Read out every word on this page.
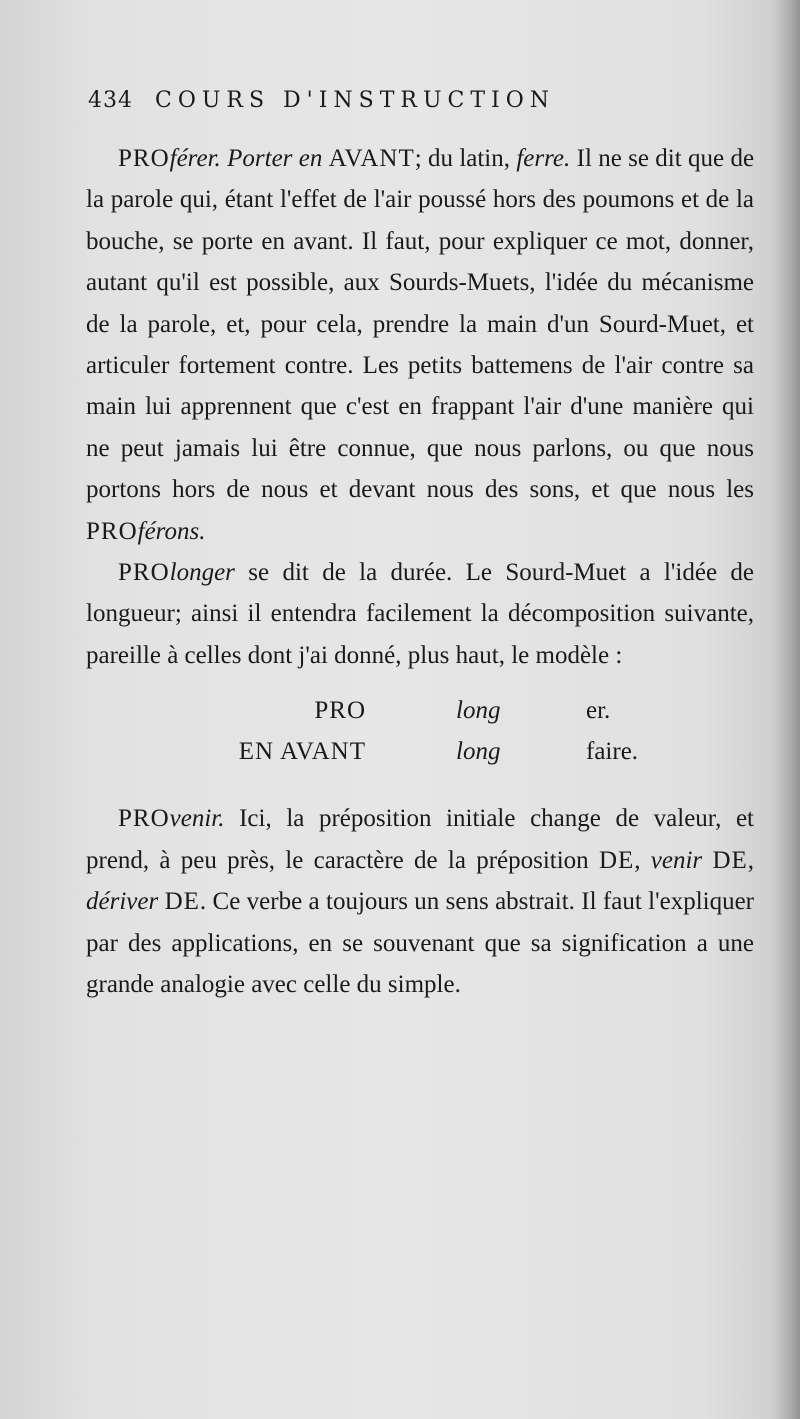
434 COURS D'INSTRUCTION

PROférer. Porter en AVANT; du latin, ferre. Il ne se dit que de la parole qui, étant l'effet de l'air poussé hors des poumons et de la bouche, se porte en avant. Il faut, pour expliquer ce mot, donner, autant qu'il est possible, aux Sourds-Muets, l'idée du mécanisme de la parole, et, pour cela, prendre la main d'un Sourd-Muet, et articuler fortement contre. Les petits battemens de l'air contre sa main lui apprennent que c'est en frappant l'air d'une manière qui ne peut jamais lui être connue, que nous parlons, ou que nous portons hors de nous et devant nous des sons, et que nous les PROférons.

PROlonger se dit de la durée. Le Sourd-Muet a l'idée de longueur; ainsi il entendra facilement la décomposition suivante, pareille à celles dont j'ai donné, plus haut, le modèle :

PRO	long	er.
EN AVANT	long	faire.

PROvenir. Ici, la préposition initiale change de valeur, et prend, à peu près, le caractère de la préposition DE, venir DE, dériver DE. Ce verbe a toujours un sens abstrait. Il faut l'expliquer par des applications, en se souvenant que sa signification a une grande analogie avec celle du simple.
